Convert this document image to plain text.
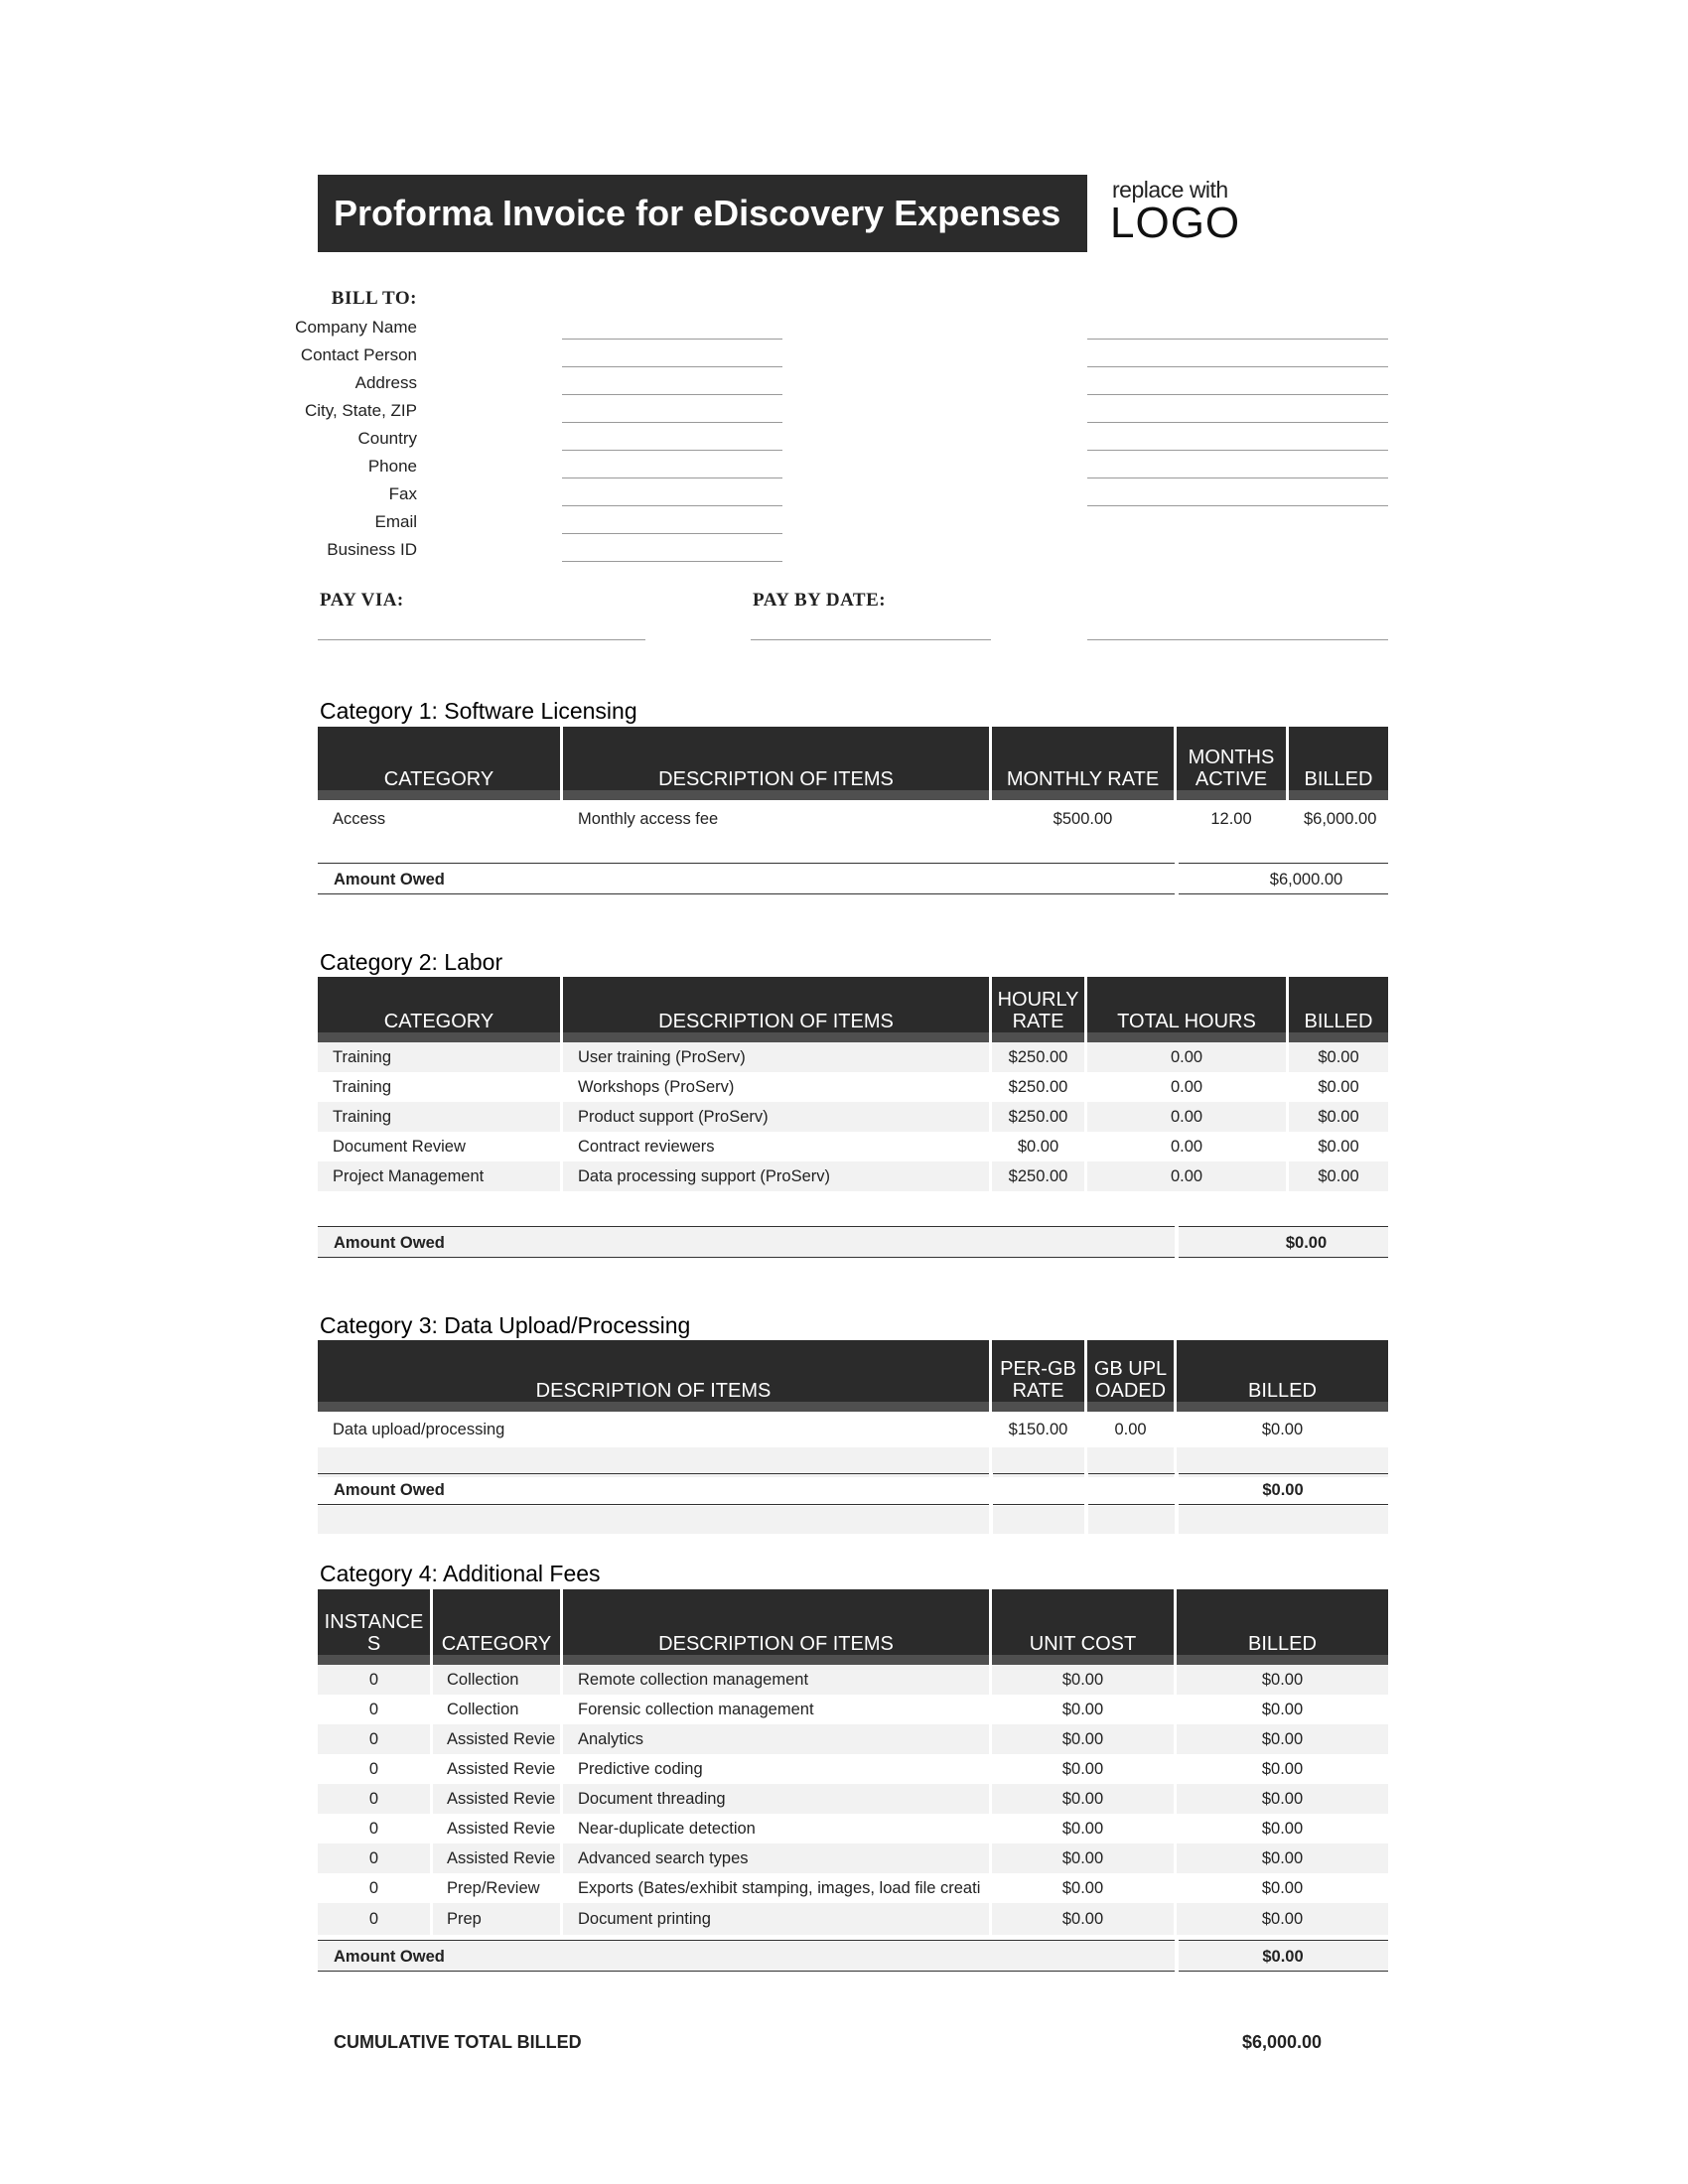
Proforma Invoice for eDiscovery Expenses
replace with
LOGO
BILL TO:
Company Name
Contact Person
Address
City, State, ZIP
Country
Phone
Fax
Email
Business ID
PAY VIA:	PAY BY DATE:
Category 1: Software Licensing
CATEGORY	DESCRIPTION OF ITEMS	MONTHLY RATE	MONTHS ACTIVE	BILLED

Access	Monthly access fee	$500.00	12.00	$6,000.00
Amount Owed	$6,000.00
Category 2: Labor
CATEGORY	DESCRIPTION OF ITEMS	HOURLY RATE	TOTAL HOURS	BILLED

Training	User training (ProServ)	$250.00	0.00	$0.00
Training	Workshops (ProServ)	$250.00	0.00	$0.00
Training	Product support (ProServ)	$250.00	0.00	$0.00
Document Review	Contract reviewers	$0.00	0.00	$0.00
Project Management	Data processing support (ProServ)	$250.00	0.00	$0.00
Amount Owed	$0.00
Category 3: Data Upload/Processing
DESCRIPTION OF ITEMS	PER-GB RATE	GB UPLOADED	BILLED

Data upload/processing	$150.00	0.00	$0.00

Amount Owed	$0.00
Category 4: Additional Fees
INSTANCES	CATEGORY	DESCRIPTION OF ITEMS	UNIT COST	BILLED

0	Collection	Remote collection management	$0.00	$0.00
0	Collection	Forensic collection management	$0.00	$0.00
0	Assisted Revie	Analytics	$0.00	$0.00
0	Assisted Revie	Predictive coding	$0.00	$0.00
0	Assisted Revie	Document threading	$0.00	$0.00
0	Assisted Revie	Near-duplicate detection	$0.00	$0.00
0	Assisted Revie	Advanced search types	$0.00	$0.00
0	Prep/Review	Exports (Bates/exhibit stamping, images, load file creati	$0.00	$0.00
0	Prep	Document printing	$0.00	$0.00
Amount Owed	$0.00
CUMULATIVE TOTAL BILLED	$6,000.00
